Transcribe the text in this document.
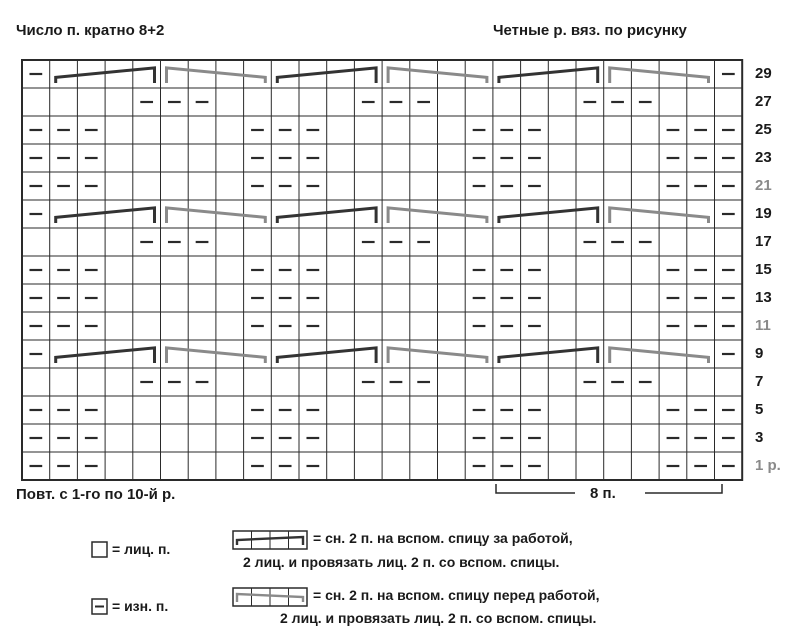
Число п. кратно 8+2	Четные р. вяз. по рисунку
29
27
25
23
21
19
17
15
13
11
9
7
5
3
1 р.
Повт. с 1-го по 10-й р.	8 п.
= лиц. п.
= изн. п.
= сн. 2 п. на вспом. спицу за работой,
2 лиц. и провязать лиц. 2 п. со вспом. спицы.
= сн. 2 п. на вспом. спицу перед работой,
2 лиц. и провязать лиц. 2 п. со вспом. спицы.
